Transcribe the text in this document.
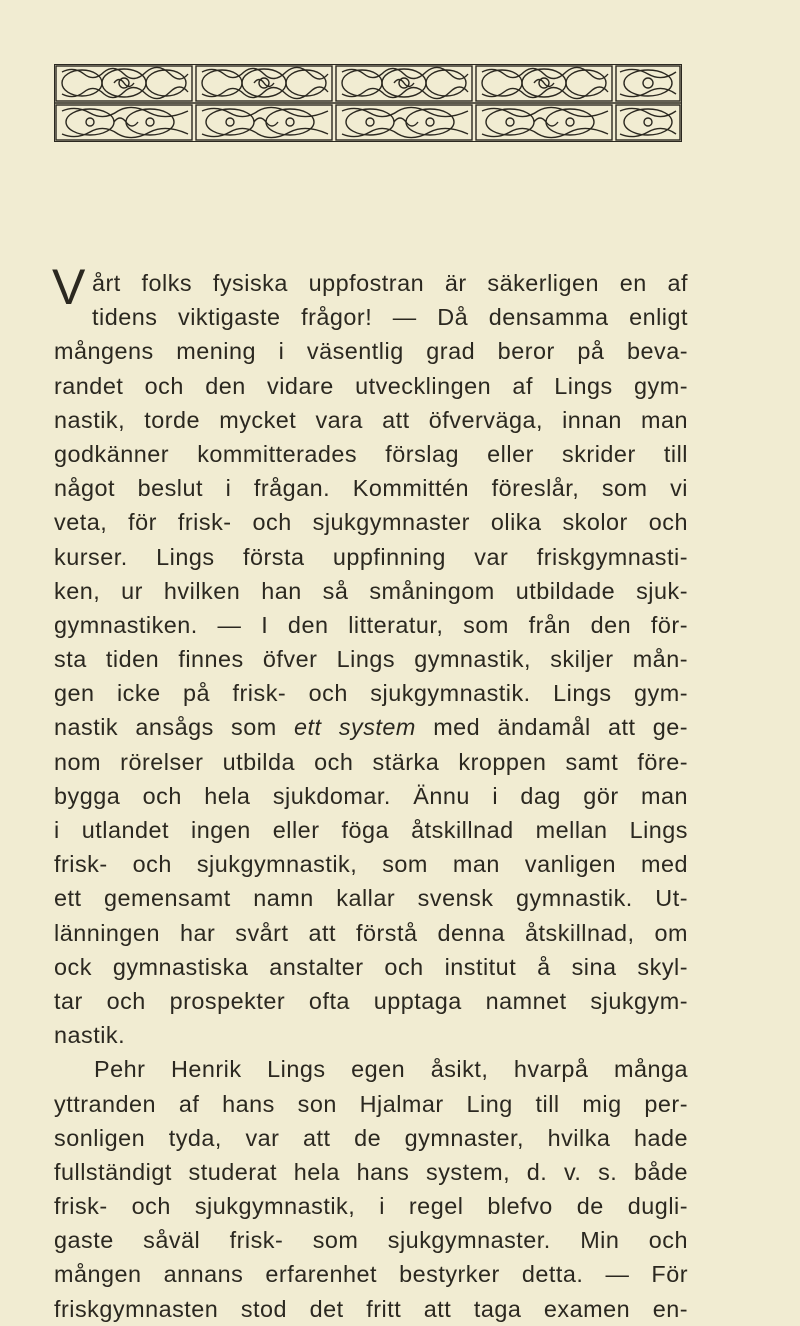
V årt folks fysiska uppfostran är säkerligen en af
tidens viktigaste frågor! — Då densamma enligt
mångens mening i väsentlig grad beror på beva-
randet och den vidare utvecklingen af Lings gym-
nastik, torde mycket vara att öfverväga, innan man
godkänner kommitterades förslag eller skrider till
något beslut i frågan. Kommittén föreslår, som vi
veta, för frisk- och sjukgymnaster olika skolor och
kurser. Lings första uppfinning var friskgymnasti-
ken, ur hvilken han så småningom utbildade sjuk-
gymnastiken. — I den litteratur, som från den för-
sta tiden finnes öfver Lings gymnastik, skiljer mån-
gen icke på frisk- och sjukgymnastik. Lings gym-
nastik ansågs som ett system med ändamål att ge-
nom rörelser utbilda och stärka kroppen samt före-
bygga och hela sjukdomar. Ännu i dag gör man
i utlandet ingen eller föga åtskillnad mellan Lings
frisk- och sjukgymnastik, som man vanligen med
ett gemensamt namn kallar svensk gymnastik. Ut-
länningen har svårt att förstå denna åtskillnad, om
ock gymnastiska anstalter och institut å sina skyl-
tar och prospekter ofta upptaga namnet sjukgym-
nastik.
Pehr Henrik Lings egen åsikt, hvarpå många
yttranden af hans son Hjalmar Ling till mig per-
sonligen tyda, var att de gymnaster, hvilka hade
fullständigt studerat hela hans system, d. v. s. både
frisk- och sjukgymnastik, i regel blefvo de dugli-
gaste såväl frisk- som sjukgymnaster. Min och
mången annans erfarenhet bestyrker detta. — För
friskgymnasten stod det fritt att taga examen en-
